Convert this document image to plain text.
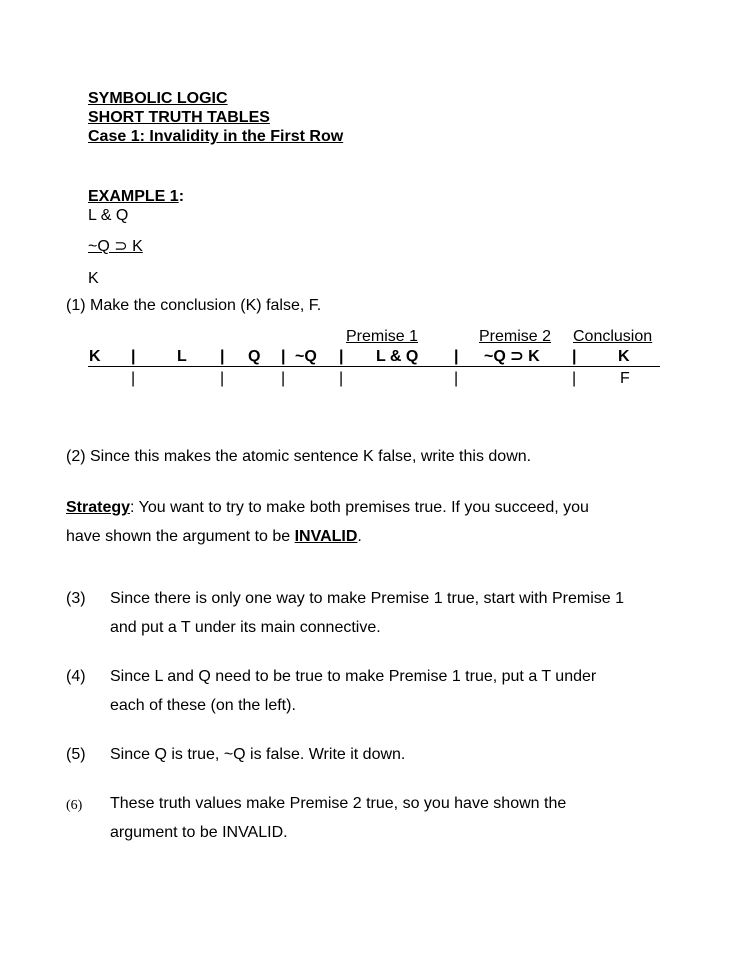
SYMBOLIC LOGIC
SHORT TRUTH TABLES
Case 1: Invalidity in the First Row
EXAMPLE 1:
L & Q
~Q ⊃ K
K
(1) Make the conclusion (K) false, F.
Premise 1	Premise 2 Conclusion
K |	L | Q | ~Q | L & Q | ~Q ⊃ K |	K
|	|	|	|	|	|	F
(2) Since this makes the atomic sentence K false, write this down.
Strategy: You want to try to make both premises true. If you succeed, you
have shown the argument to be INVALID.
(3) Since there is only one way to make Premise 1 true, start with Premise 1
and put a T under its main connective.
(4) Since L and Q need to be true to make Premise 1 true, put a T under
each of these (on the left).
(5) Since Q is true, ~Q is false. Write it down.
(6) These truth values make Premise 2 true, so you have shown the
argument to be INVALID.
